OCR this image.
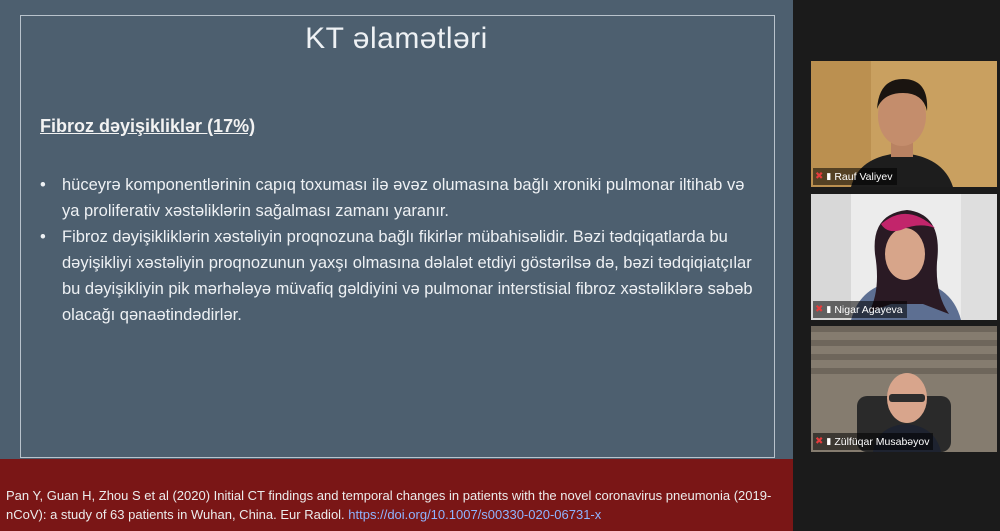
KT əlamətləri
Fibroz dəyişikliklər (17%)
• hüceyrə komponentlərinin capıq toxuması ilə əvəz olumasına bağlı xroniki pulmonar iltihab və ya proliferativ xəstəliklərin sağalması zamanı yaranır.
• Fibroz dəyişikliklərin xəstəliyin proqnozuna bağlı fikirlər mübahisəlidir. Bəzi tədqiqatlarda bu dəyişikliyi xəstəliyin proqnozunun yaxşı olmasına dəlalət etdiyi göstərilsə də, bəzi tədqiqiatçılar bu dəyişikliyin pik mərhələyə müvafiq gəldiyini və pulmonar interstisial fibroz xəstəliklərə səbəb olacağı qənaətindədirlər.
Pan Y, Guan H, Zhou S et al (2020) Initial CT findings and temporal changes in patients with the novel coronavirus pneumonia (2019-nCoV): a study of 63 patients in Wuhan, China. Eur Radiol. https://doi.org/10.1007/s00330-020-06731-x
✖ ▮ Rauf Valiyev
✖ ▮ Nigar Agayeva
✖ ▮ Zülfüqar Musabəyov
